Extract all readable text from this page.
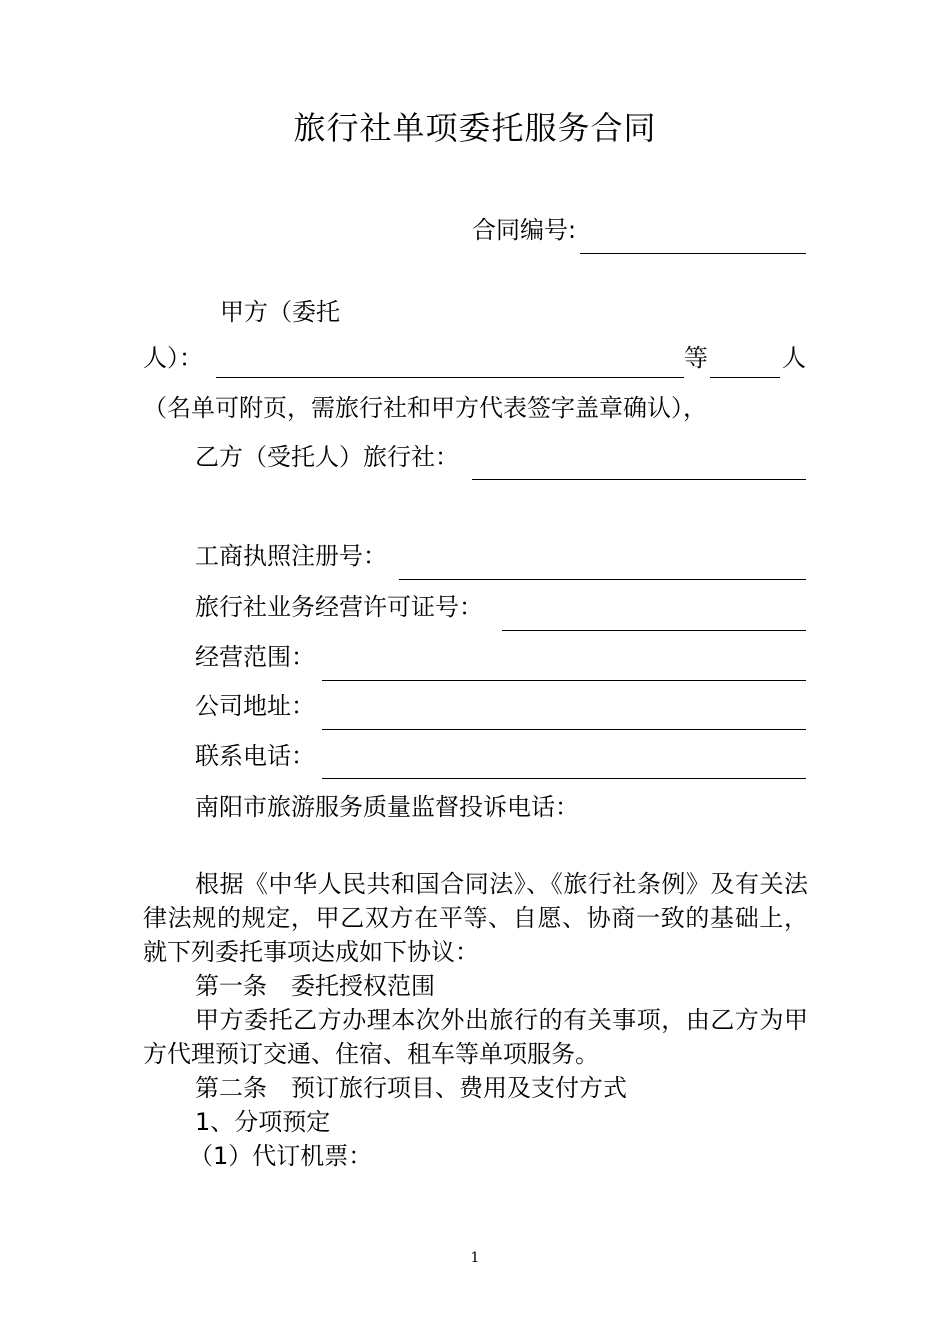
旅行社单项委托服务合同
合同编号:
甲方（委托
人）：	等	人
（名单可附页，需旅行社和甲方代表签字盖章确认），
乙方（受托人）旅行社：
工商执照注册号：
旅行社业务经营许可证号：
经营范围：
公司地址：
联系电话：
南阳市旅游服务质量监督投诉电话：
根据《中华人民共和国合同法》、《旅行社条例》及有关法律法规的规定，甲乙双方在平等、自愿、协商一致的基础上，就下列委托事项达成如下协议：
第一条　委托授权范围
甲方委托乙方办理本次外出旅行的有关事项，由乙方为甲方代理预订交通、住宿、租车等单项服务。
第二条　预订旅行项目、费用及支付方式
1、分项预定
（1）代订机票：
1
